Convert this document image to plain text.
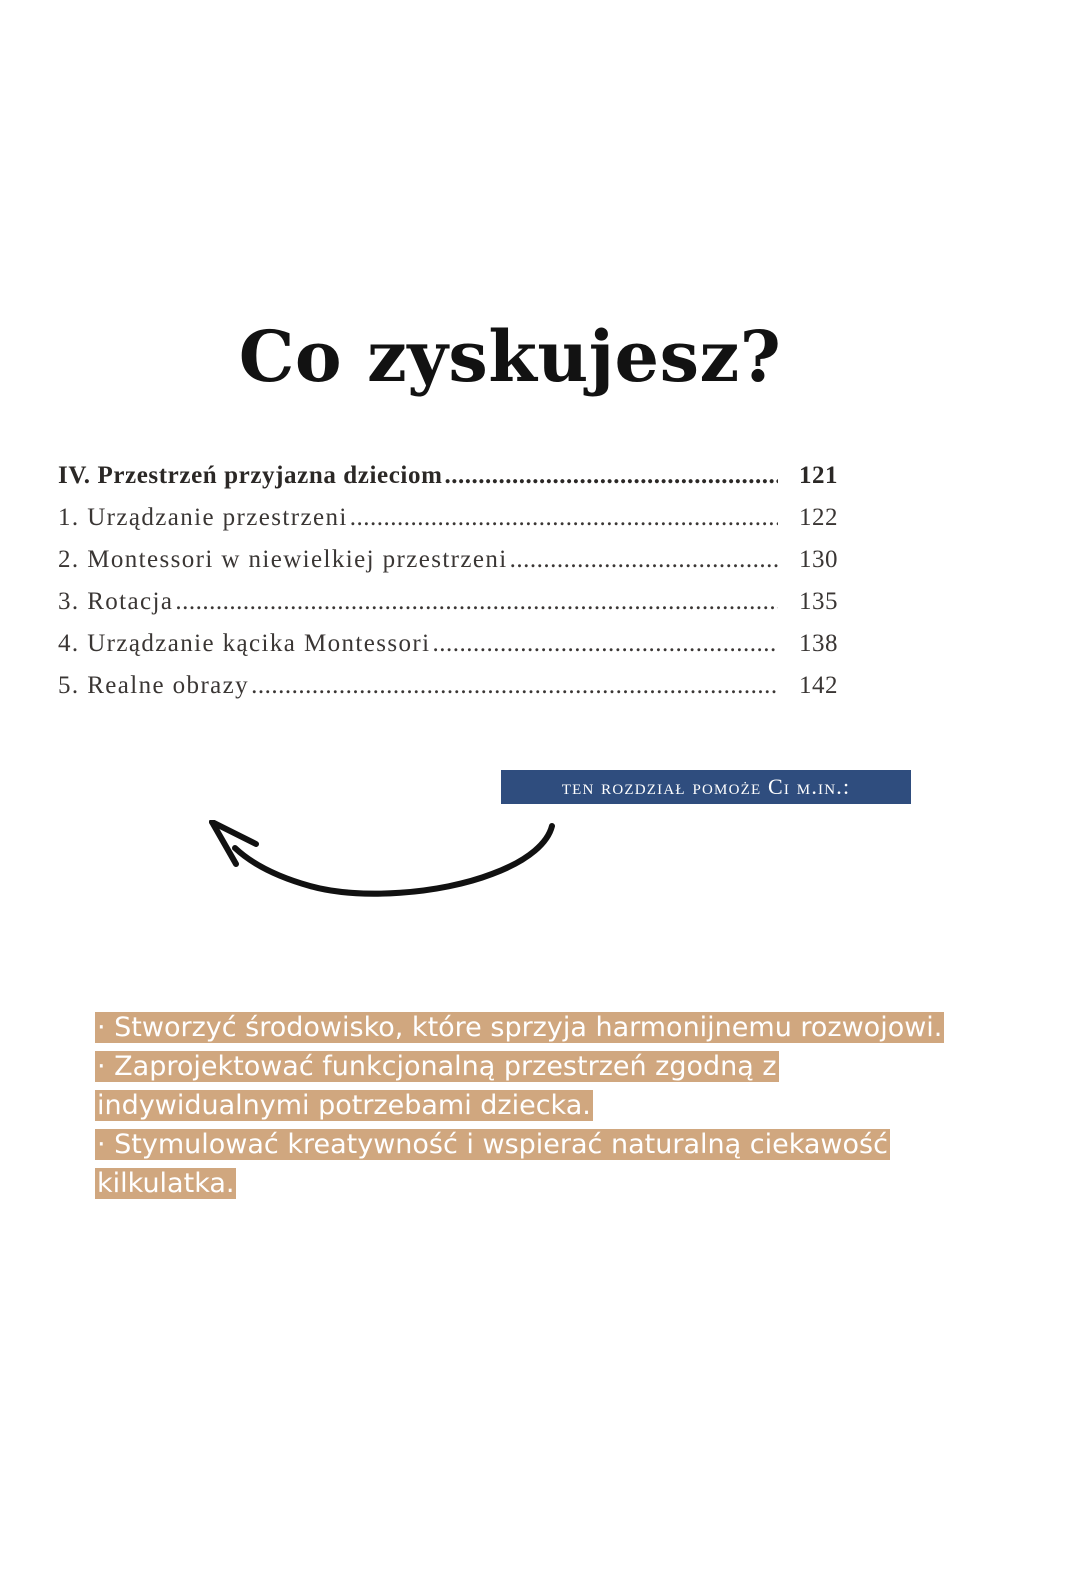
Co zyskujesz?
IV. Przestrzeń przyjazna dzieciom .....	121
1. Urządzanie przestrzeni .....	122
2. Montessori w niewielkiej przestrzeni .....	130
3. Rotacja .....	135
4. Urządzanie kącika Montessori .....	138
5. Realne obrazy .....	142
ten rozdział pomoże Ci m.in.:
· Stworzyć środowisko, które sprzyja harmonijnemu rozwojowi.
· Zaprojektować funkcjonalną przestrzeń zgodną z
indywidualnymi potrzebami dziecka.
· Stymulować kreatywność i wspierać naturalną ciekawość
kilkulatka.
